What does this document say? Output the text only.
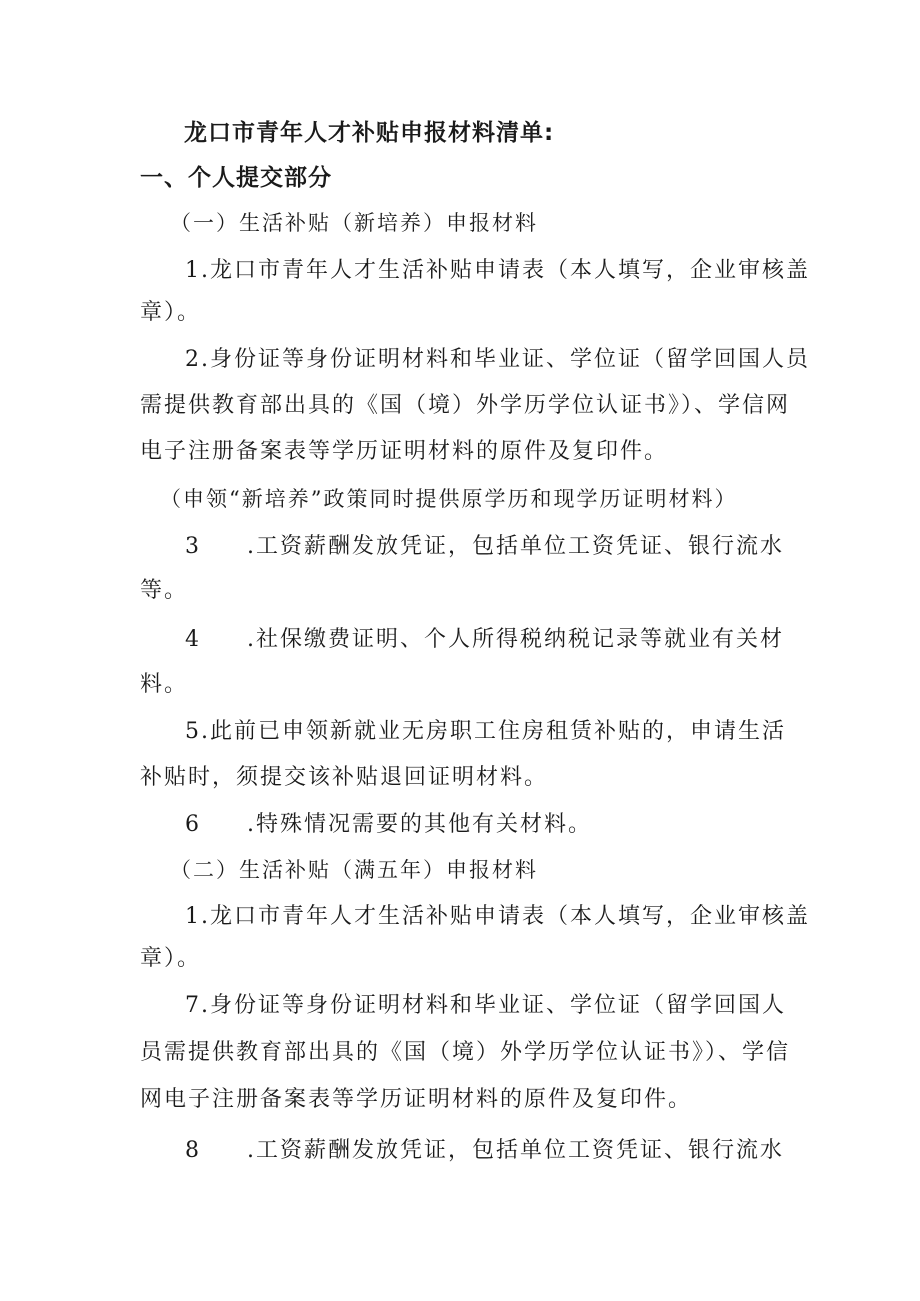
龙口市青年人才补贴申报材料清单:
一、个人提交部分
（一）生活补贴（新培养）申报材料
1.龙口市青年人才生活补贴申请表（本人填写，企业审核盖
章）。
2.身份证等身份证明材料和毕业证、学位证（留学回国人员
需提供教育部出具的《国（境）外学历学位认证书》）、学信网
电子注册备案表等学历证明材料的原件及复印件。
（申领“新培养”政策同时提供原学历和现学历证明材料）
3 .工资薪酬发放凭证，包括单位工资凭证、银行流水
等。
4 .社保缴费证明、个人所得税纳税记录等就业有关材
料。
5.此前已申领新就业无房职工住房租赁补贴的，申请生活
补贴时，须提交该补贴退回证明材料。
6 .特殊情况需要的其他有关材料。
（二）生活补贴（满五年）申报材料
1.龙口市青年人才生活补贴申请表（本人填写，企业审核盖
章）。
7.身份证等身份证明材料和毕业证、学位证（留学回国人
员需提供教育部出具的《国（境）外学历学位认证书》）、学信
网电子注册备案表等学历证明材料的原件及复印件。
8 .工资薪酬发放凭证，包括单位工资凭证、银行流水
